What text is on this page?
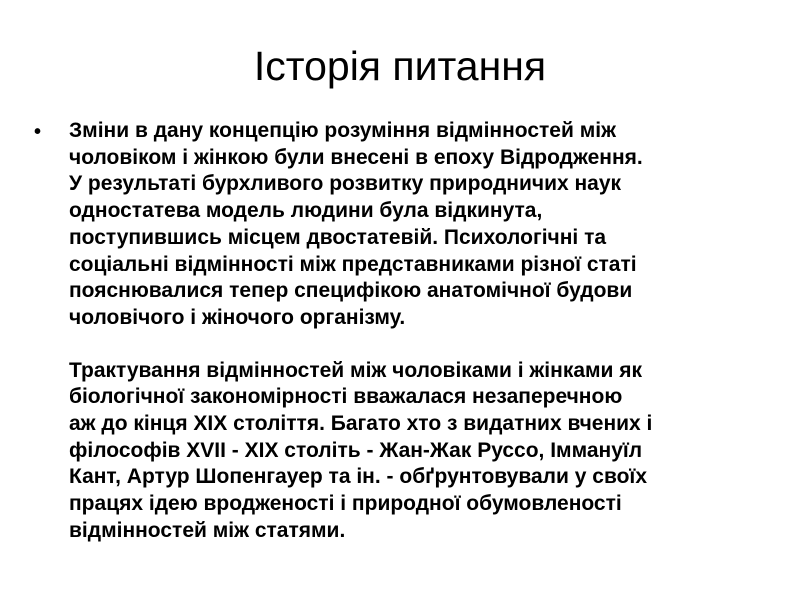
Історія питання
• Зміни в дану концепцію розуміння відмінностей між
чоловіком і жінкою були внесені в епоху Відродження.
У результаті бурхливого розвитку природничих наук
одностатева модель людини була відкинута,
поступившись місцем двостатевій. Психологічні та
соціальні відмінності між представниками різної статі
пояснювалися тепер специфікою анатомічної будови
чоловічого і жіночого організму.

Трактування відмінностей між чоловіками і жінками як
біологічної закономірності вважалася незаперечною
аж до кінця XIX століття. Багато хто з видатних вчених і
філософів XVII - XIX століть - Жан-Жак Руссо, Іммануїл
Кант, Артур Шопенгауер та ін. - обґрунтовували у своїх
працях ідею вродженості і природної обумовленості
відмінностей між статями.
